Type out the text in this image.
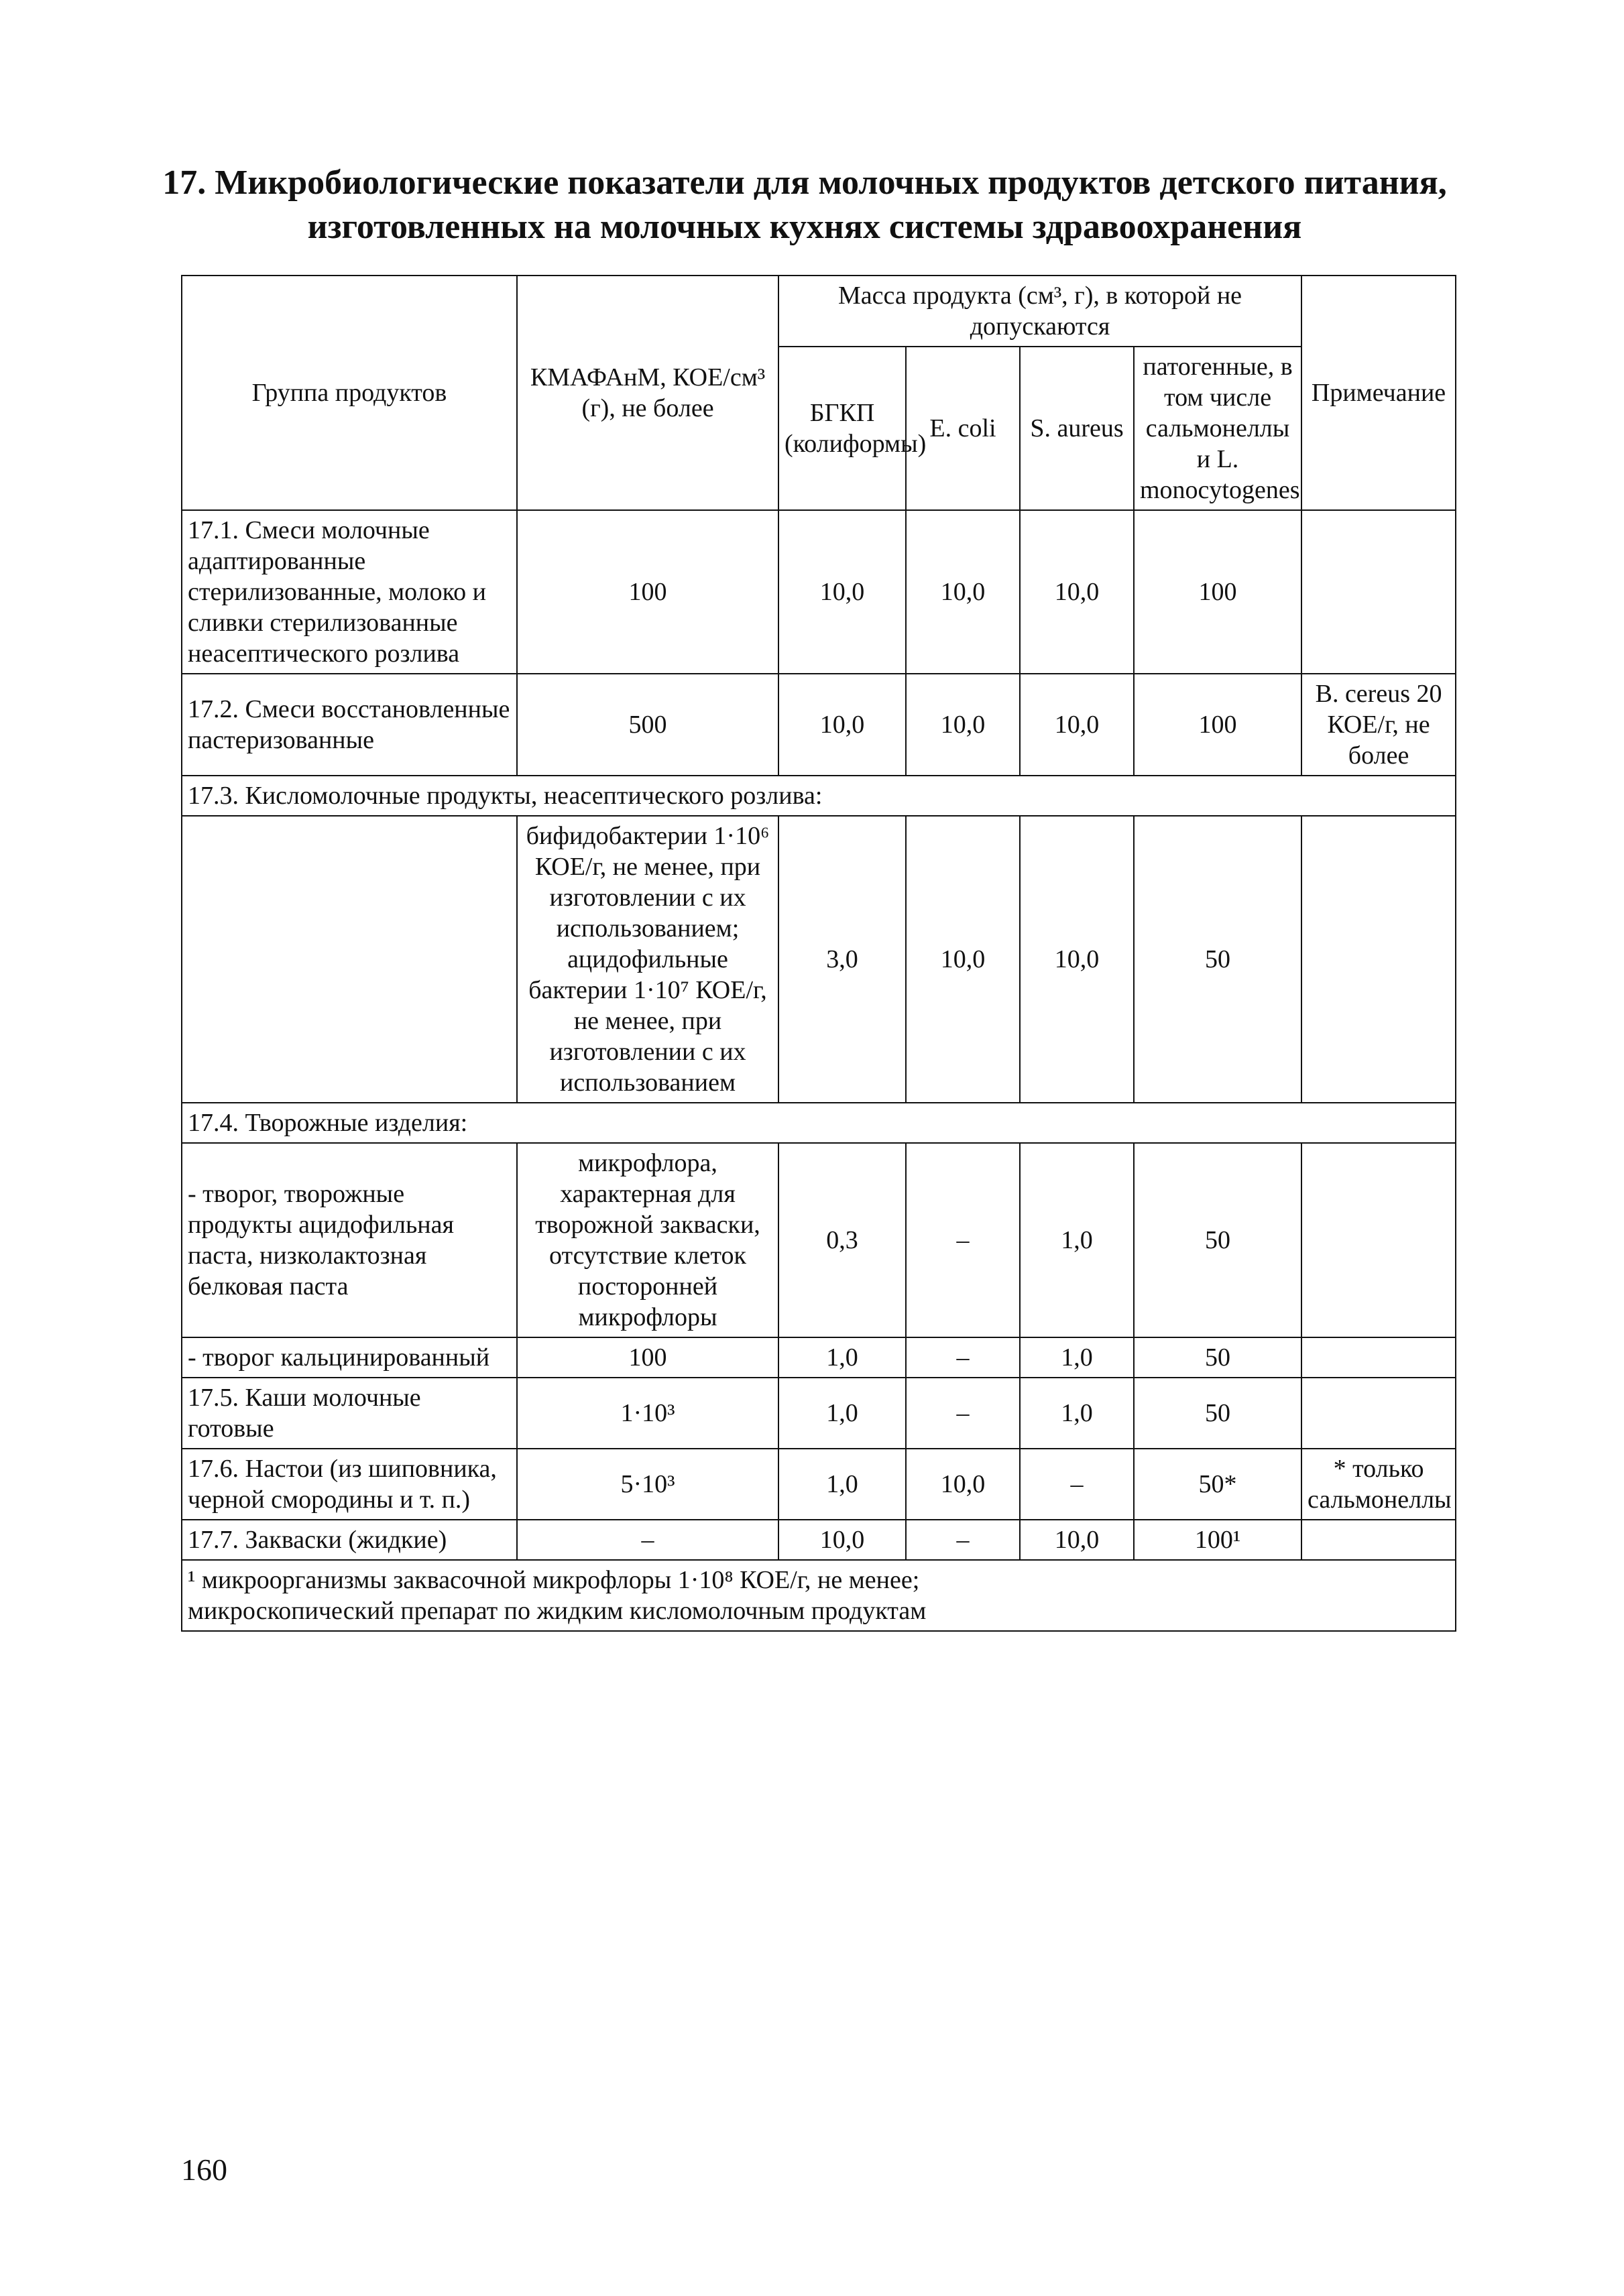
17. Микробиологические показатели для молочных продуктов детского питания,
изготовленных на молочных кухнях системы здравоохранения
Группа продуктов	КМАФАнМ, КОЕ/см³ (г), не более	Масса продукта (см³, г), в которой не допускаются				Примечание
		БГКП (колиформы)	E. coli	S. aureus	патогенные, в том числе сальмонеллы и L. monocytogenes	
17.1. Смеси молочные адаптированные стерилизованные, молоко и сливки стерилизованные неасептического розлива	100	10,0	10,0	10,0	100	
17.2. Смеси восстановленные пастеризованные	500	10,0	10,0	10,0	100	B. cereus 20 КОЕ/г, не более
17.3. Кисломолочные продукты, неасептического розлива:						
	бифидобактерии 1·10⁶ КОЕ/г, не менее, при изготовлении с их использованием; ацидофильные бактерии 1·10⁷ КОЕ/г, не менее, при изготовлении с их использованием	3,0	10,0	10,0	50	
17.4. Творожные изделия:						
- творог, творожные продукты ацидофильная паста, низколактозная белковая паста	микрофлора, характерная для творожной закваски, отсутствие клеток посторонней микрофлоры	0,3	–	1,0	50	
- творог кальцинированный	100	1,0	–	1,0	50	
17.5. Каши молочные готовые	1·10³	1,0	–	1,0	50	
17.6. Настои (из шиповника, черной смородины и т. п.)	5·10³	1,0	10,0	–	50*	* только сальмонеллы
17.7. Закваски (жидкие)	–	10,0	–	10,0	100¹	

¹ микроорганизмы заквасочной микрофлоры 1·10⁸ КОЕ/г, не менее;
микроскопический препарат по жидким кисломолочным продуктам						
160
